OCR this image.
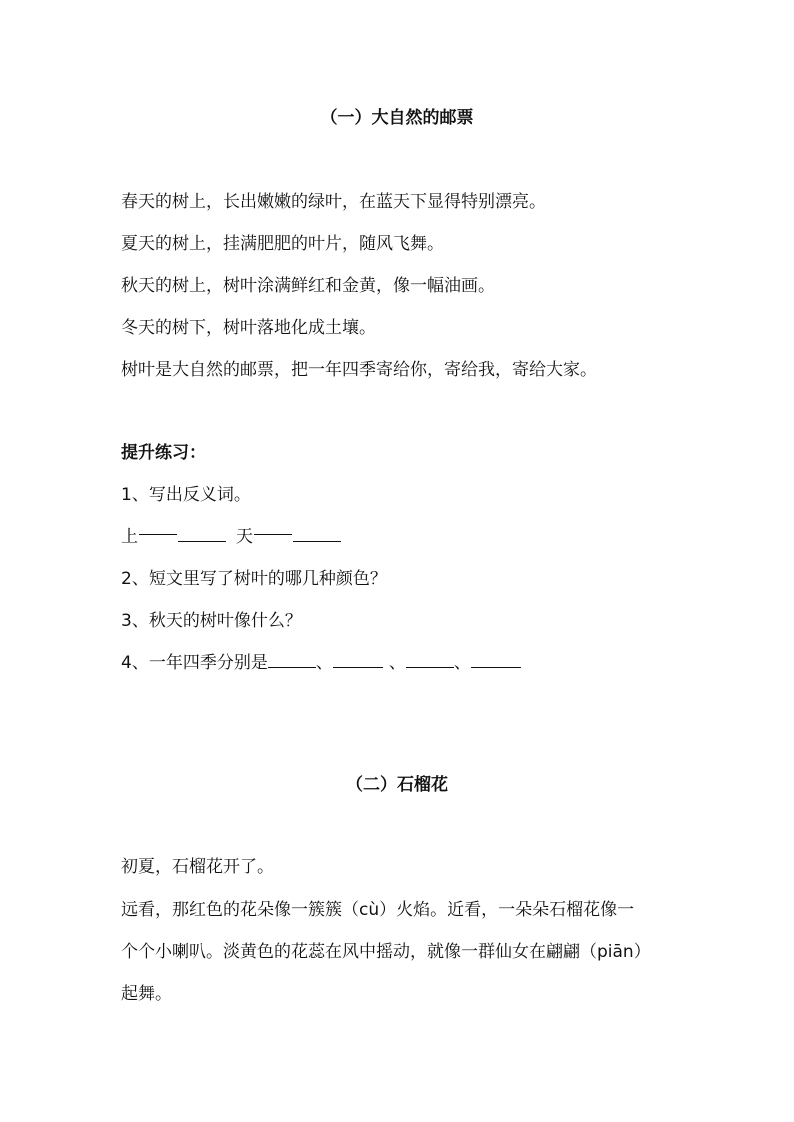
（一）大自然的邮票
春天的树上，长出嫩嫩的绿叶，在蓝天下显得特别漂亮。
夏天的树上，挂满肥肥的叶片，随风飞舞。
秋天的树上，树叶涂满鲜红和金黄，像一幅油画。
冬天的树下，树叶落地化成土壤。
树叶是大自然的邮票，把一年四季寄给你，寄给我，寄给大家。
提升练习：
1、写出反义词。
上	天
2、短文里写了树叶的哪几种颜色？
3、秋天的树叶像什么？
4、一年四季分别是	、	、	、
（二）石榴花
初夏，石榴花开了。
远看，那红色的花朵像一簇簇（cù）火焰。近看，一朵朵石榴花像一
个个小喇叭。淡黄色的花蕊在风中摇动，就像一群仙女在翩翩（piān）
起舞。
